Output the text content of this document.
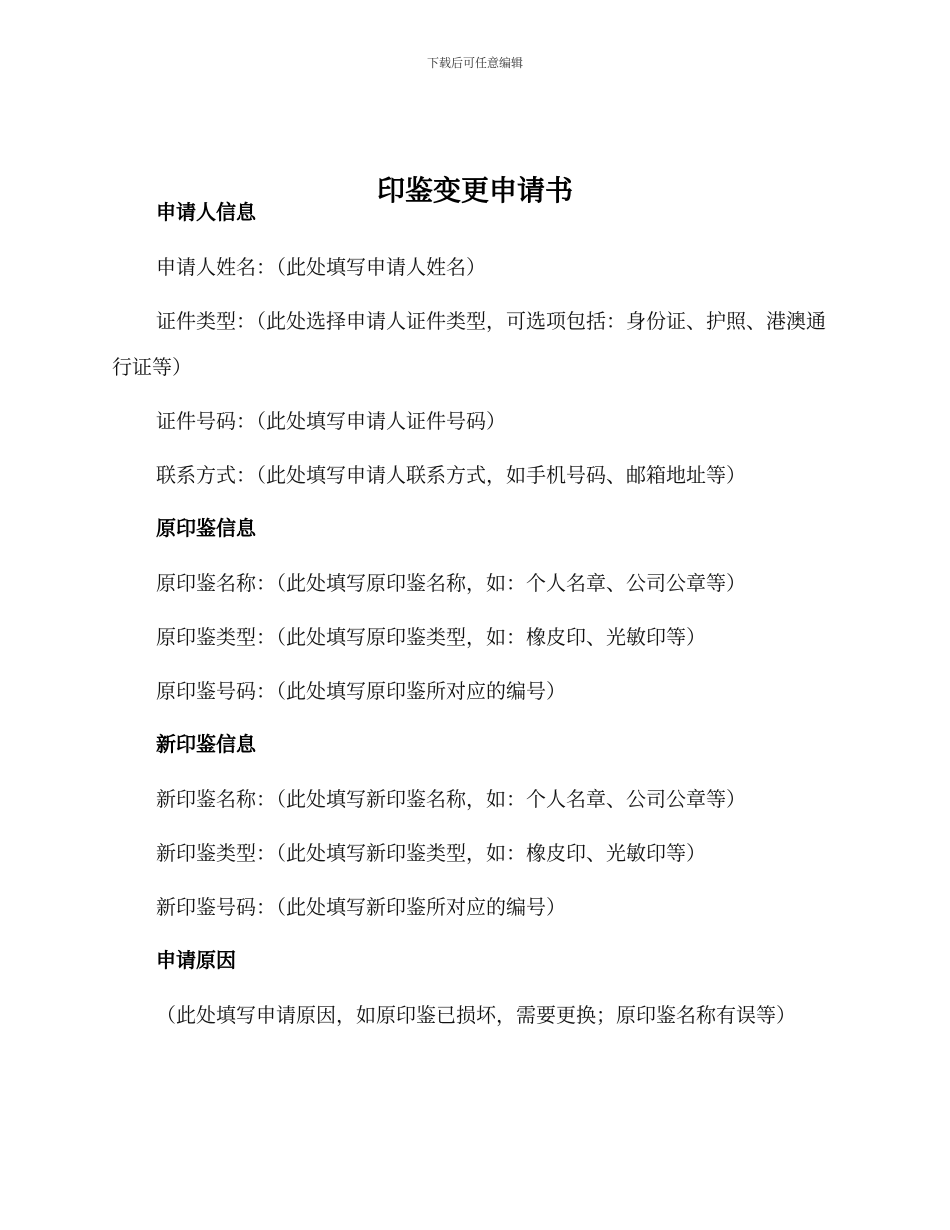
下载后可任意编辑
印鉴变更申请书
申请人信息

申请人姓名：（此处填写申请人姓名）

证件类型：（此处选择申请人证件类型，可选项包括：身份证、护照、港澳通行证等）

证件号码：（此处填写申请人证件号码）

联系方式：（此处填写申请人联系方式，如手机号码、邮箱地址等）

原印鉴信息

原印鉴名称：（此处填写原印鉴名称，如：个人名章、公司公章等）

原印鉴类型：（此处填写原印鉴类型，如：橡皮印、光敏印等）

原印鉴号码：（此处填写原印鉴所对应的编号）

新印鉴信息

新印鉴名称：（此处填写新印鉴名称，如：个人名章、公司公章等）

新印鉴类型：（此处填写新印鉴类型，如：橡皮印、光敏印等）

新印鉴号码：（此处填写新印鉴所对应的编号）

申请原因

（此处填写申请原因，如原印鉴已损坏，需要更换；原印鉴名称有误等）
